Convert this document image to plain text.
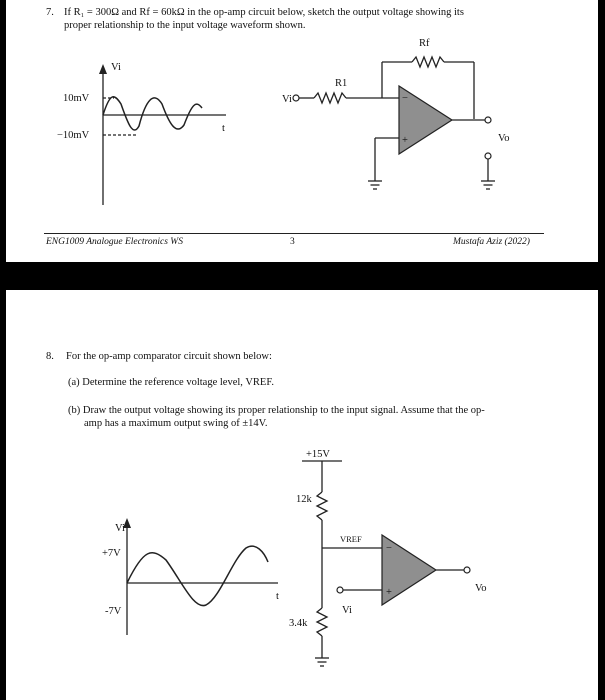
7. If R₁ = 300Ω and Rf = 60kΩ in the op-amp circuit below, sketch the output voltage showing its
proper relationship to the input voltage waveform shown.
Vi
10mV
−10mV
t
−
+
Vi
R1
Rf
Vo
ENG1009 Analogue Electronics WS	3	Mustafa Aziz (2022)
8. For the op-amp comparator circuit shown below:
(a) Determine the reference voltage level, VREF.
(b) Draw the output voltage showing its proper relationship to the input signal. Assume that the op-
amp has a maximum output swing of ±14V.
Vi
+7V
-7V
t
−
+
+15V
12k
3.4k
VREF
Vi
Vo
